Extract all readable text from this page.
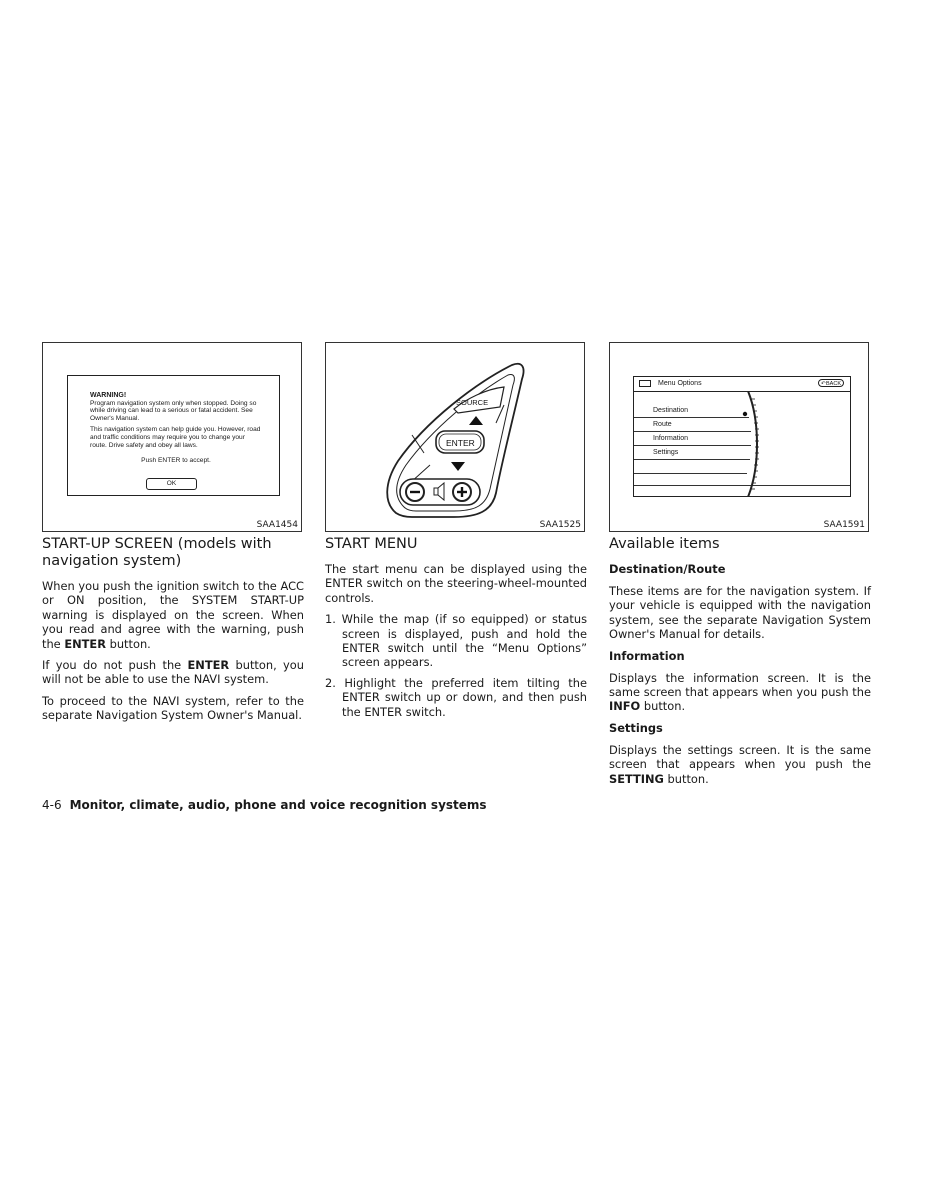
WARNING!
Program navigation system only when stopped. Doing so while driving can lead to a serious or fatal accident. See Owner's Manual.
This navigation system can help guide you. However, road and traffic conditions may require you to change your route. Drive safety and obey all laws.
Push ENTER to accept.
OK
SAA1454
SOURCE
ENTER
SAA1525
Menu Options	↶ BACK
Destination
Route
Information
Settings
SAA1591
START-UP SCREEN (models with navigation system)

When you push the ignition switch to the ACC or ON position, the SYSTEM START-UP warning is displayed on the screen. When you read and agree with the warning, push the ENTER button.

If you do not push the ENTER button, you will not be able to use the NAVI system.

To proceed to the NAVI system, refer to the separate Navigation System Owner's Manual.

START MENU

The start menu can be displayed using the ENTER switch on the steering-wheel-mounted controls.

1. While the map (if so equipped) or status screen is displayed, push and hold the ENTER switch until the “Menu Options” screen appears.
2. Highlight the preferred item tilting the ENTER switch up or down, and then push the ENTER switch.
Available items
Destination/Route

These items are for the navigation system. If your vehicle is equipped with the navigation system, see the separate Navigation System Owner's Manual for details.

Information

Displays the information screen. It is the same screen that appears when you push the INFO button.

Settings

Displays the settings screen. It is the same screen that appears when you push the SETTING button.

4-6 Monitor, climate, audio, phone and voice recognition systems
